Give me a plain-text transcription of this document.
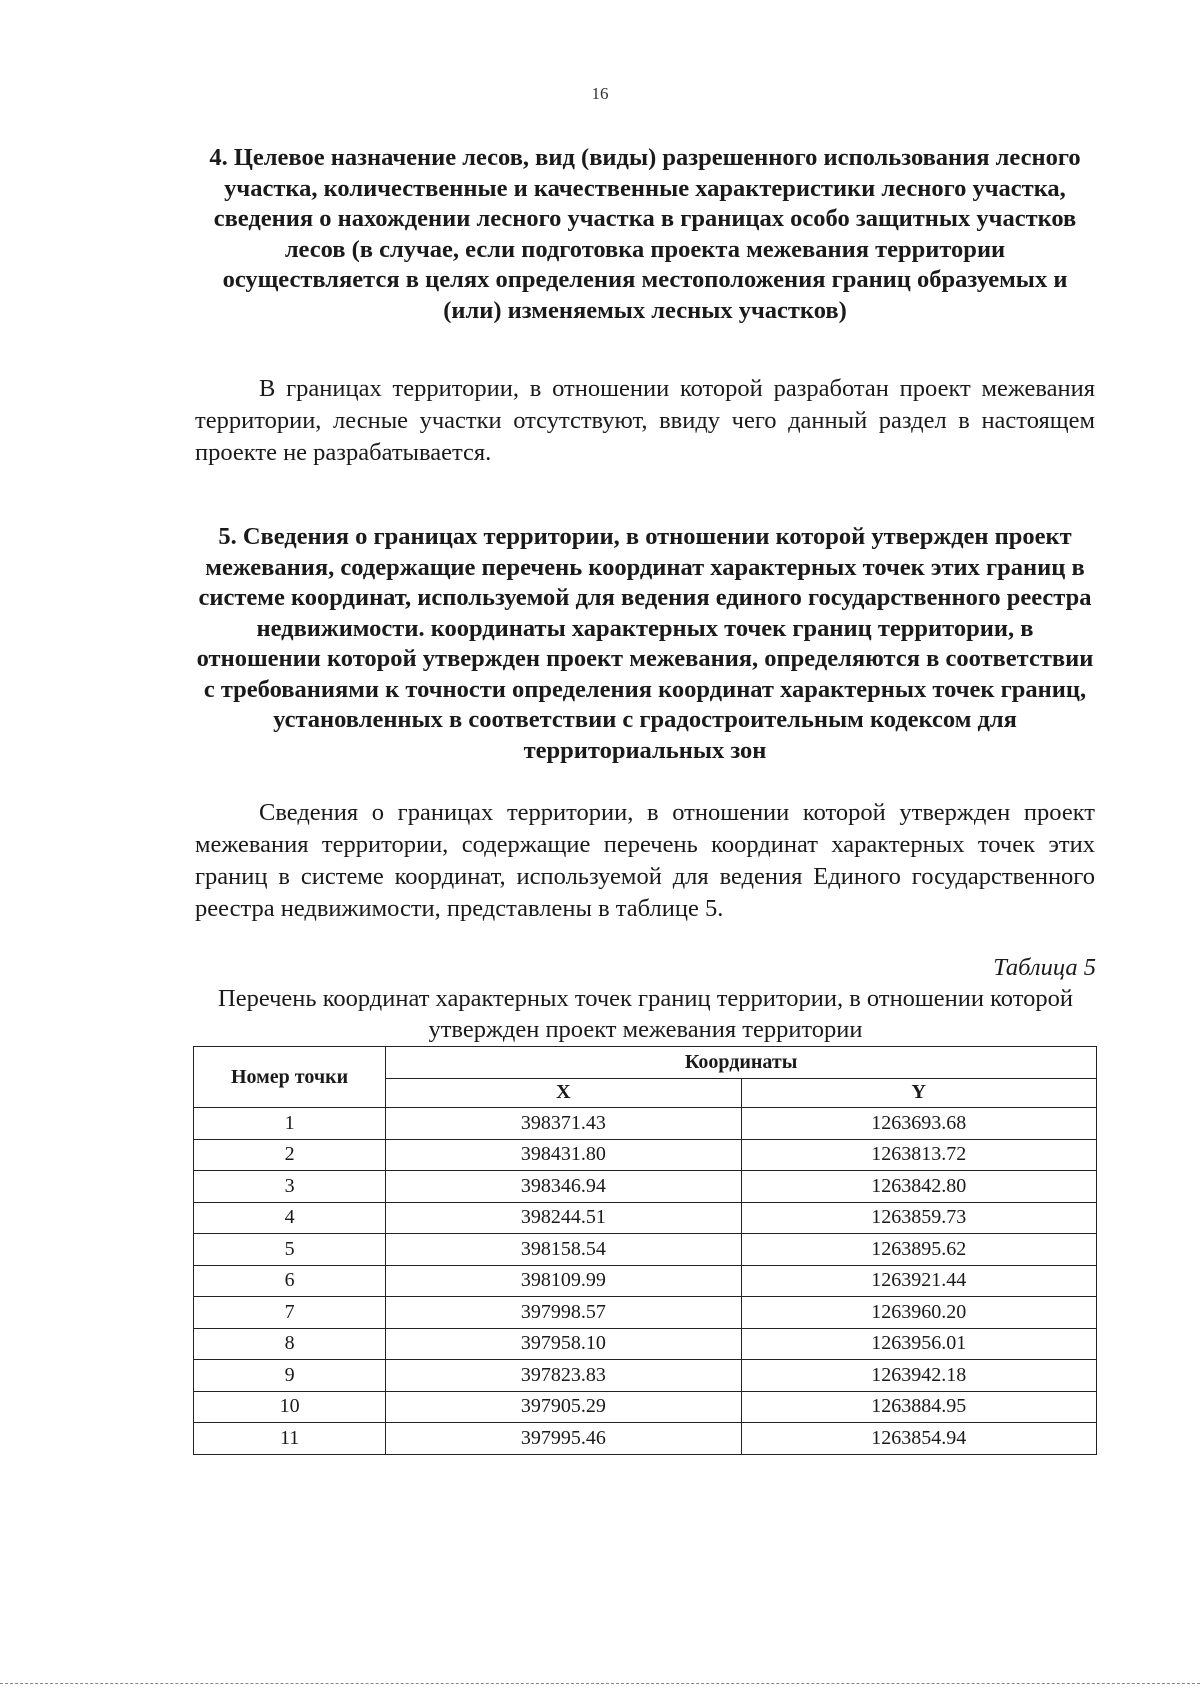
16
4. Целевое назначение лесов, вид (виды) разрешенного использования лесного участка, количественные и качественные характеристики лесного участка, сведения о нахождении лесного участка в границах особо защитных участков лесов (в случае, если подготовка проекта межевания территории осуществляется в целях определения местоположения границ образуемых и (или) изменяемых лесных участков)

В границах территории, в отношении которой разработан проект межевания территории, лесные участки отсутствуют, ввиду чего данный раздел в настоящем проекте не разрабатывается.

5. Сведения о границах территории, в отношении которой утвержден проект межевания, содержащие перечень координат характерных точек этих границ в системе координат, используемой для ведения единого государственного реестра недвижимости. координаты характерных точек границ территории, в отношении которой утвержден проект межевания, определяются в соответствии с требованиями к точности определения координат характерных точек границ, установленных в соответствии с градостроительным кодексом для территориальных зон

Сведения о границах территории, в отношении которой утвержден проект межевания территории, содержащие перечень координат характерных точек этих границ в системе координат, используемой для ведения Единого государственного реестра недвижимости, представлены в таблице 5.

Таблица 5

Перечень координат характерных точек границ территории, в отношении которой утвержден проект межевания территории

Номер точки	Координаты	
	X	Y
1	398371.43	1263693.68
2	398431.80	1263813.72
3	398346.94	1263842.80
4	398244.51	1263859.73
5	398158.54	1263895.62
6	398109.99	1263921.44
7	397998.57	1263960.20
8	397958.10	1263956.01
9	397823.83	1263942.18
10	397905.29	1263884.95
11	397995.46	1263854.94
